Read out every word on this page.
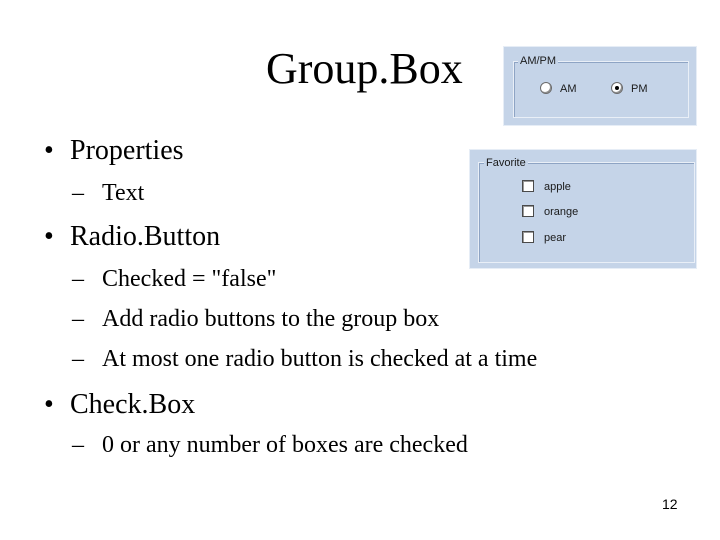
Group.Box
• Properties
– Text
• Radio.Button
– Checked = "false"
– Add radio buttons to the group box
– At most one radio button is checked at a time
• Check.Box
– 0 or any number of boxes are checked
AM/PM
AM	PM
Favorite
apple
orange
pear
12
